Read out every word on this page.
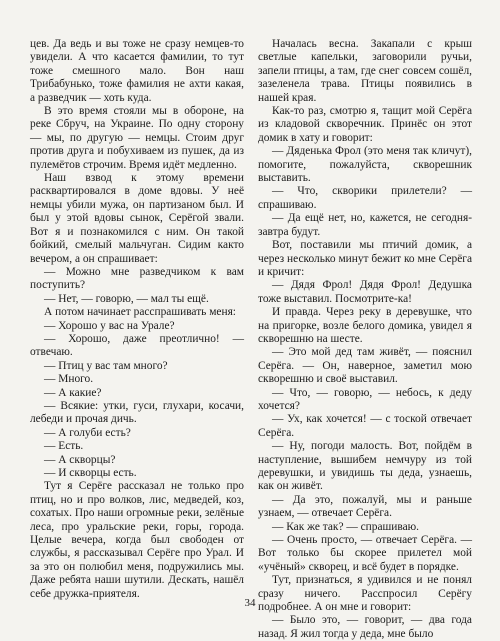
цев. Да ведь и вы тоже не сразу немцев-то увидели. А что касается фамилии, то тут тоже смешного мало. Вон наш Трибабунько, тоже фамилия не ахти какая, а разведчик — хоть куда.

В это время стояли мы в обороне, на реке Сбруч, на Украине. По одну сторону — мы, по другую — немцы. Стоим друг против друга и побухиваем из пушек, да из пулемётов строчим. Время идёт медленно.

Наш взвод к этому времени расквартировался в доме вдовы. У неё немцы убили мужа, он партизаном был. И был у этой вдовы сынок, Серёгой звали. Вот я и познакомился с ним. Он такой бойкий, смелый мальчуган. Сидим както вечером, а он спрашивает:

— Можно мне разведчиком к вам поступить?

— Нет, — говорю, — мал ты ещё.

А потом начинает расспрашивать меня:

— Хорошо у вас на Урале?

— Хорошо, даже преотлично! — отвечаю.

— Птиц у вас там много?

— Много.

— А какие?

— Всякие: утки, гуси, глухари, косачи, лебеди и прочая дичь.

— А голуби есть?

— Есть.

— А скворцы?

— И скворцы есть.

Тут я Серёге рассказал не только про птиц, но и про волков, лис, медведей, коз, сохатых. Про наши огромные реки, зелёные леса, про уральские реки, горы, города. Целые вечера, когда был свободен от службы, я рассказывал Серёге про Урал. И за это он полюбил меня, подружились мы. Даже ребята наши шутили. Дескать, нашёл себе дружка-приятеля.

Началась весна. Закапали с крыш светлые капельки, заговорили ручьи, запели птицы, а там, где снег совсем сошёл, зазеленела трава. Птицы появились в нашей края.

Как-то раз, смотрю я, тащит мой Серёга из кладовой скворечник. Принёс он этот домик в хату и говорит:

— Дяденька Фрол (это меня так кличут), помогите, пожалуйста, скворешник выставить.

— Что, скворики прилетели? — спрашиваю.

— Да ещё нет, но, кажется, не сегодня-завтра будут.

Вот, поставили мы птичий домик, а через несколько минут бежит ко мне Серёга и кричит:

— Дядя Фрол! Дядя Фрол! Дедушка тоже выставил. Посмотрите-ка!

И правда. Через реку в деревушке, что на пригорке, возле белого домика, увидел я скворешню на шесте.

— Это мой дед там живёт, — пояснил Серёга. — Он, наверное, заметил мою скворешню и своё выставил.

— Что, — говорю, — небось, к деду хочется?

— Ух, как хочется! — с тоской отвечает Серёга.

— Ну, погоди малость. Вот, пойдём в наступление, вышибем немчуру из той деревушки, и увидишь ты деда, узнаешь, как он живёт.

— Да это, пожалуй, мы и раньше узнаем, — отвечает Серёга.

— Как же так? — спрашиваю.

— Очень просто, — отвечает Серёга. — Вот только бы скорее прилетел мой «учёный» скворец, и всё будет в порядке.

Тут, признаться, я удивился и не понял сразу ничего. Расспросил Серёгу подробнее. А он мне и говорит:

— Было это, — говорит, — два года назад. Я жил тогда у деда, мне было

34
